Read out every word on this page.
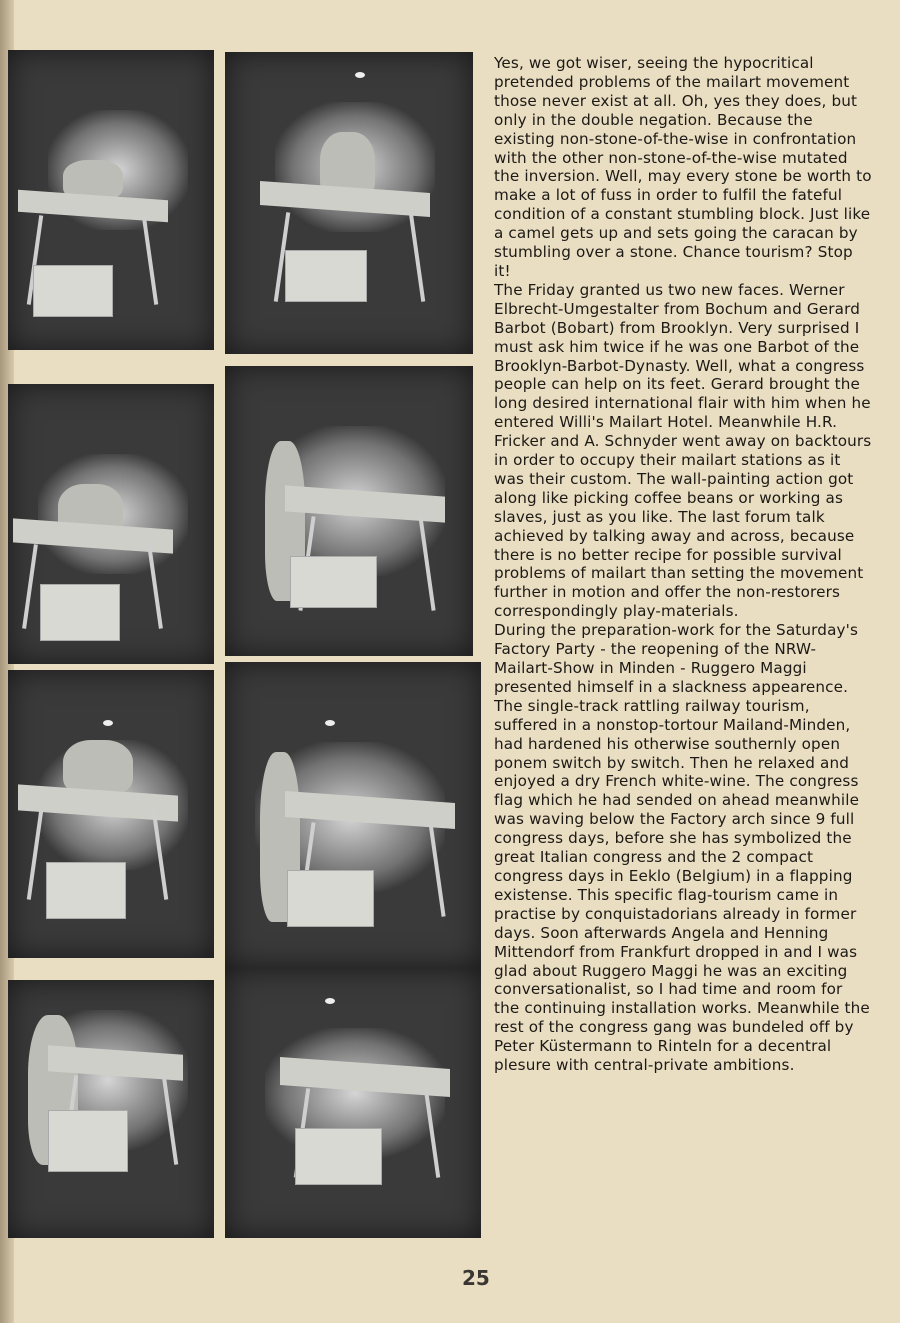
Yes, we got wiser, seeing the hypocritical pretended problems of the mailart movement those never exist at all. Oh, yes they does, but only in the double negation. Because the existing non-stone-of-the-wise in confrontation with the other non-stone-of-the-wise mutated the inversion. Well, may every stone be worth to make a lot of fuss in order to fulfil the fateful condition of a constant stumbling block. Just like a camel gets up and sets going the caracan by stumbling over a stone. Chance tourism? Stop it!

The Friday granted us two new faces. Werner Elbrecht-Umgestalter from Bochum and Gerard Barbot (Bobart) from Brooklyn. Very surprised I must ask him twice if he was one Barbot of the Brooklyn-Barbot-Dynasty. Well, what a congress people can help on its feet. Gerard brought the long desired international flair with him when he entered Willi's Mailart Hotel. Meanwhile H.R. Fricker and A. Schnyder went away on backtours in order to occupy their mailart stations as it was their custom. The wall-painting action got along like picking coffee beans or working as slaves, just as you like. The last forum talk achieved by talking away and across, because there is no better recipe for possible survival problems of mailart than setting the movement further in motion and offer the non-restorers correspondingly play-materials.

During the preparation-work for the Saturday's Factory Party - the reopening of the NRW-Mailart-Show in Minden - Ruggero Maggi presented himself in a slackness appearence. The single-track rattling railway tourism, suffered in a nonstop-tortour Mailand-Minden, had hardened his otherwise southernly open ponem switch by switch. Then he relaxed and enjoyed a dry French white-wine. The congress flag which he had sended on ahead meanwhile was waving below the Factory arch since 9 full congress days, before she has symbolized the great Italian congress and the 2 compact congress days in Eeklo (Belgium) in a flapping existense. This specific flag-tourism came in practise by conquistadorians already in former days. Soon afterwards Angela and Henning Mittendorf from Frankfurt dropped in and I was glad about Ruggero Maggi he was an exciting conversationalist, so I had time and room for the continuing installation works. Meanwhile the rest of the congress gang was bundeled off by Peter Küstermann to Rinteln for a decentral plesure with central-private ambitions.

25
